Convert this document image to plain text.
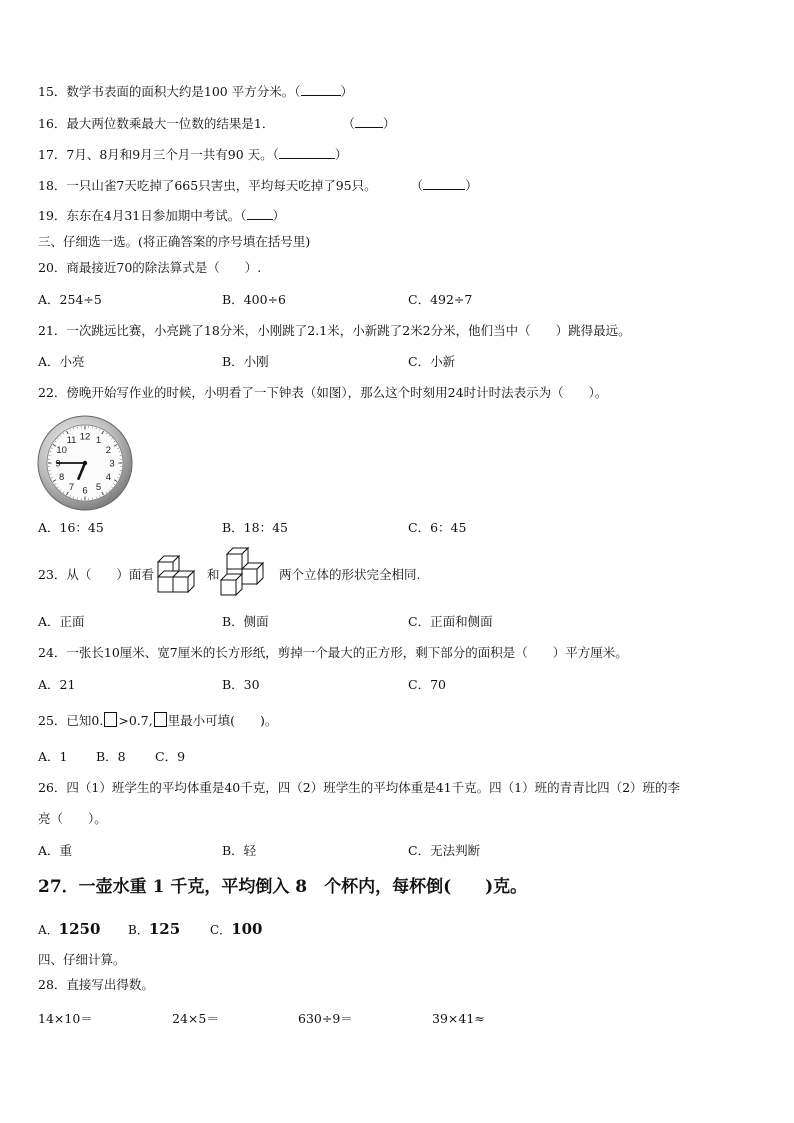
15．数学书表面的面积大约是100 平方分米。（	）
16．最大两位数乘最大一位数的结果是1．	（ ）
17．7月、8月和9月三个月一共有90 天。（	）
18．一只山雀7天吃掉了665只害虫，平均每天吃掉了95只。	（	）
19．东东在4月31日参加期中考试。（ ）
三、仔细选一选。(将正确答案的序号填在括号里)
20．商最接近70的除法算式是（　　）.
A．254÷5	B．400÷6	C．492÷7
21．一次跳远比赛，小亮跳了18分米，小刚跳了2.1米，小新跳了2米2分米，他们当中（　　）跳得最远。
A．小亮	B．小刚	C．小新
22．傍晚开始写作业的时候，小明看了一下钟表（如图），那么这个时刻用24时计时法表示为（　　）。
12 1
2
3
4
5
6
7
8
9
10
11
A．16：45	B．18：45	C．6：45
23．从（　　）面看	和	两个立体的形状完全相同.
A．正面	B．侧面	C．正面和侧面
24．一张长10厘米、宽7厘米的长方形纸，剪掉一个最大的正方形，剩下部分的面积是（　　）平方厘米。
A．21	B．30	C．70
25．已知0. >0.7, 里最小可填(　　)。
A．1 B．8 C．9
26．四（1）班学生的平均体重是40千克，四（2）班学生的平均体重是41千克。四（1）班的青青比四（2）班的李
亮（　　）。
A．重	B．轻	C．无法判断
27．一壶水重 1 千克，平均倒入 8　个杯内，每杯倒(　　)克。
A．1250 B．125 C．100
四、仔细计算。
28．直接写出得数。
14×10＝	24×5＝	630÷9＝	39×41≈
